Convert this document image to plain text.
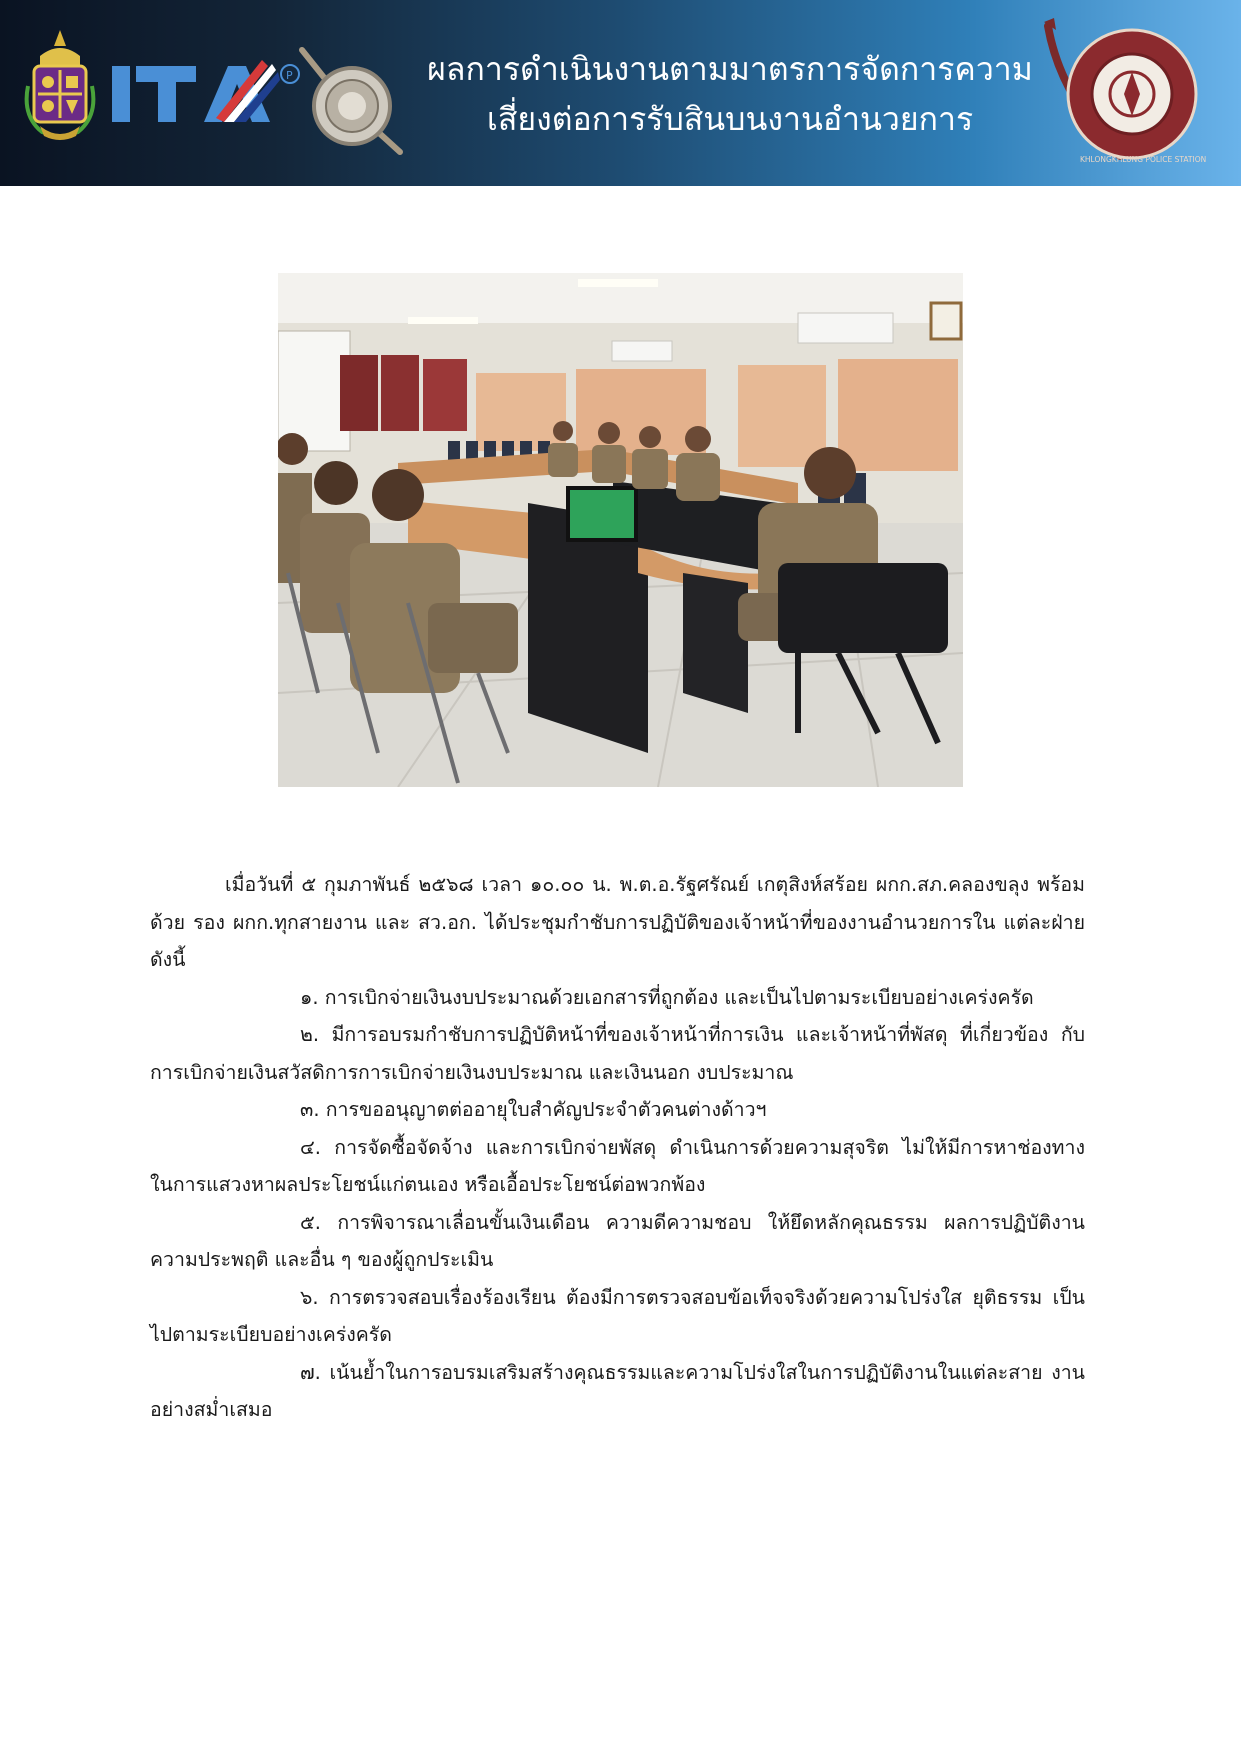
P	ผลการดำเนินงานตามมาตรการจัดการความ
เสี่ยงต่อการรับสินบนงานอำนวยการ
KHLONGKHLUNG POLICE STATION

เมื่อวันที่ ๕ กุมภาพันธ์ ๒๕๖๘ เวลา ๑๐.๐๐ น. พ.ต.อ.รัฐศรัณย์ เกตุสิงห์สร้อย ผกก.สภ.คลองขลุง พร้อมด้วย รอง ผกก.ทุกสายงาน และ สว.อก. ได้ประชุมกำชับการปฏิบัติของเจ้าหน้าที่ของงานอำนวยการใน แต่ละฝ่าย ดังนี้

๑. การเบิกจ่ายเงินงบประมาณด้วยเอกสารที่ถูกต้อง และเป็นไปตามระเบียบอย่างเคร่งครัด

๒. มีการอบรมกำชับการปฏิบัติหน้าที่ของเจ้าหน้าที่การเงิน และเจ้าหน้าที่พัสดุ ที่เกี่ยวข้อง กับการเบิกจ่ายเงินสวัสดิการการเบิกจ่ายเงินงบประมาณ และเงินนอก งบประมาณ

๓. การขออนุญาตต่ออายุใบสำคัญประจำตัวคนต่างด้าวฯ

๔. การจัดซื้อจัดจ้าง และการเบิกจ่ายพัสดุ ดำเนินการด้วยความสุจริต ไม่ให้มีการหาช่องทาง ในการแสวงหาผลประโยชน์แก่ตนเอง หรือเอื้อประโยชน์ต่อพวกพ้อง

๕. การพิจารณาเลื่อนขั้นเงินเดือน ความดีความชอบ ให้ยึดหลักคุณธรรม ผลการปฏิบัติงาน ความประพฤติ และอื่น ๆ ของผู้ถูกประเมิน

๖. การตรวจสอบเรื่องร้องเรียน ต้องมีการตรวจสอบข้อเท็จจริงด้วยความโปร่งใส ยุติธรรม เป็นไปตามระเบียบอย่างเคร่งครัด

๗. เน้นย้ำในการอบรมเสริมสร้างคุณธรรมและความโปร่งใสในการปฏิบัติงานในแต่ละสาย งานอย่างสม่ำเสมอ
